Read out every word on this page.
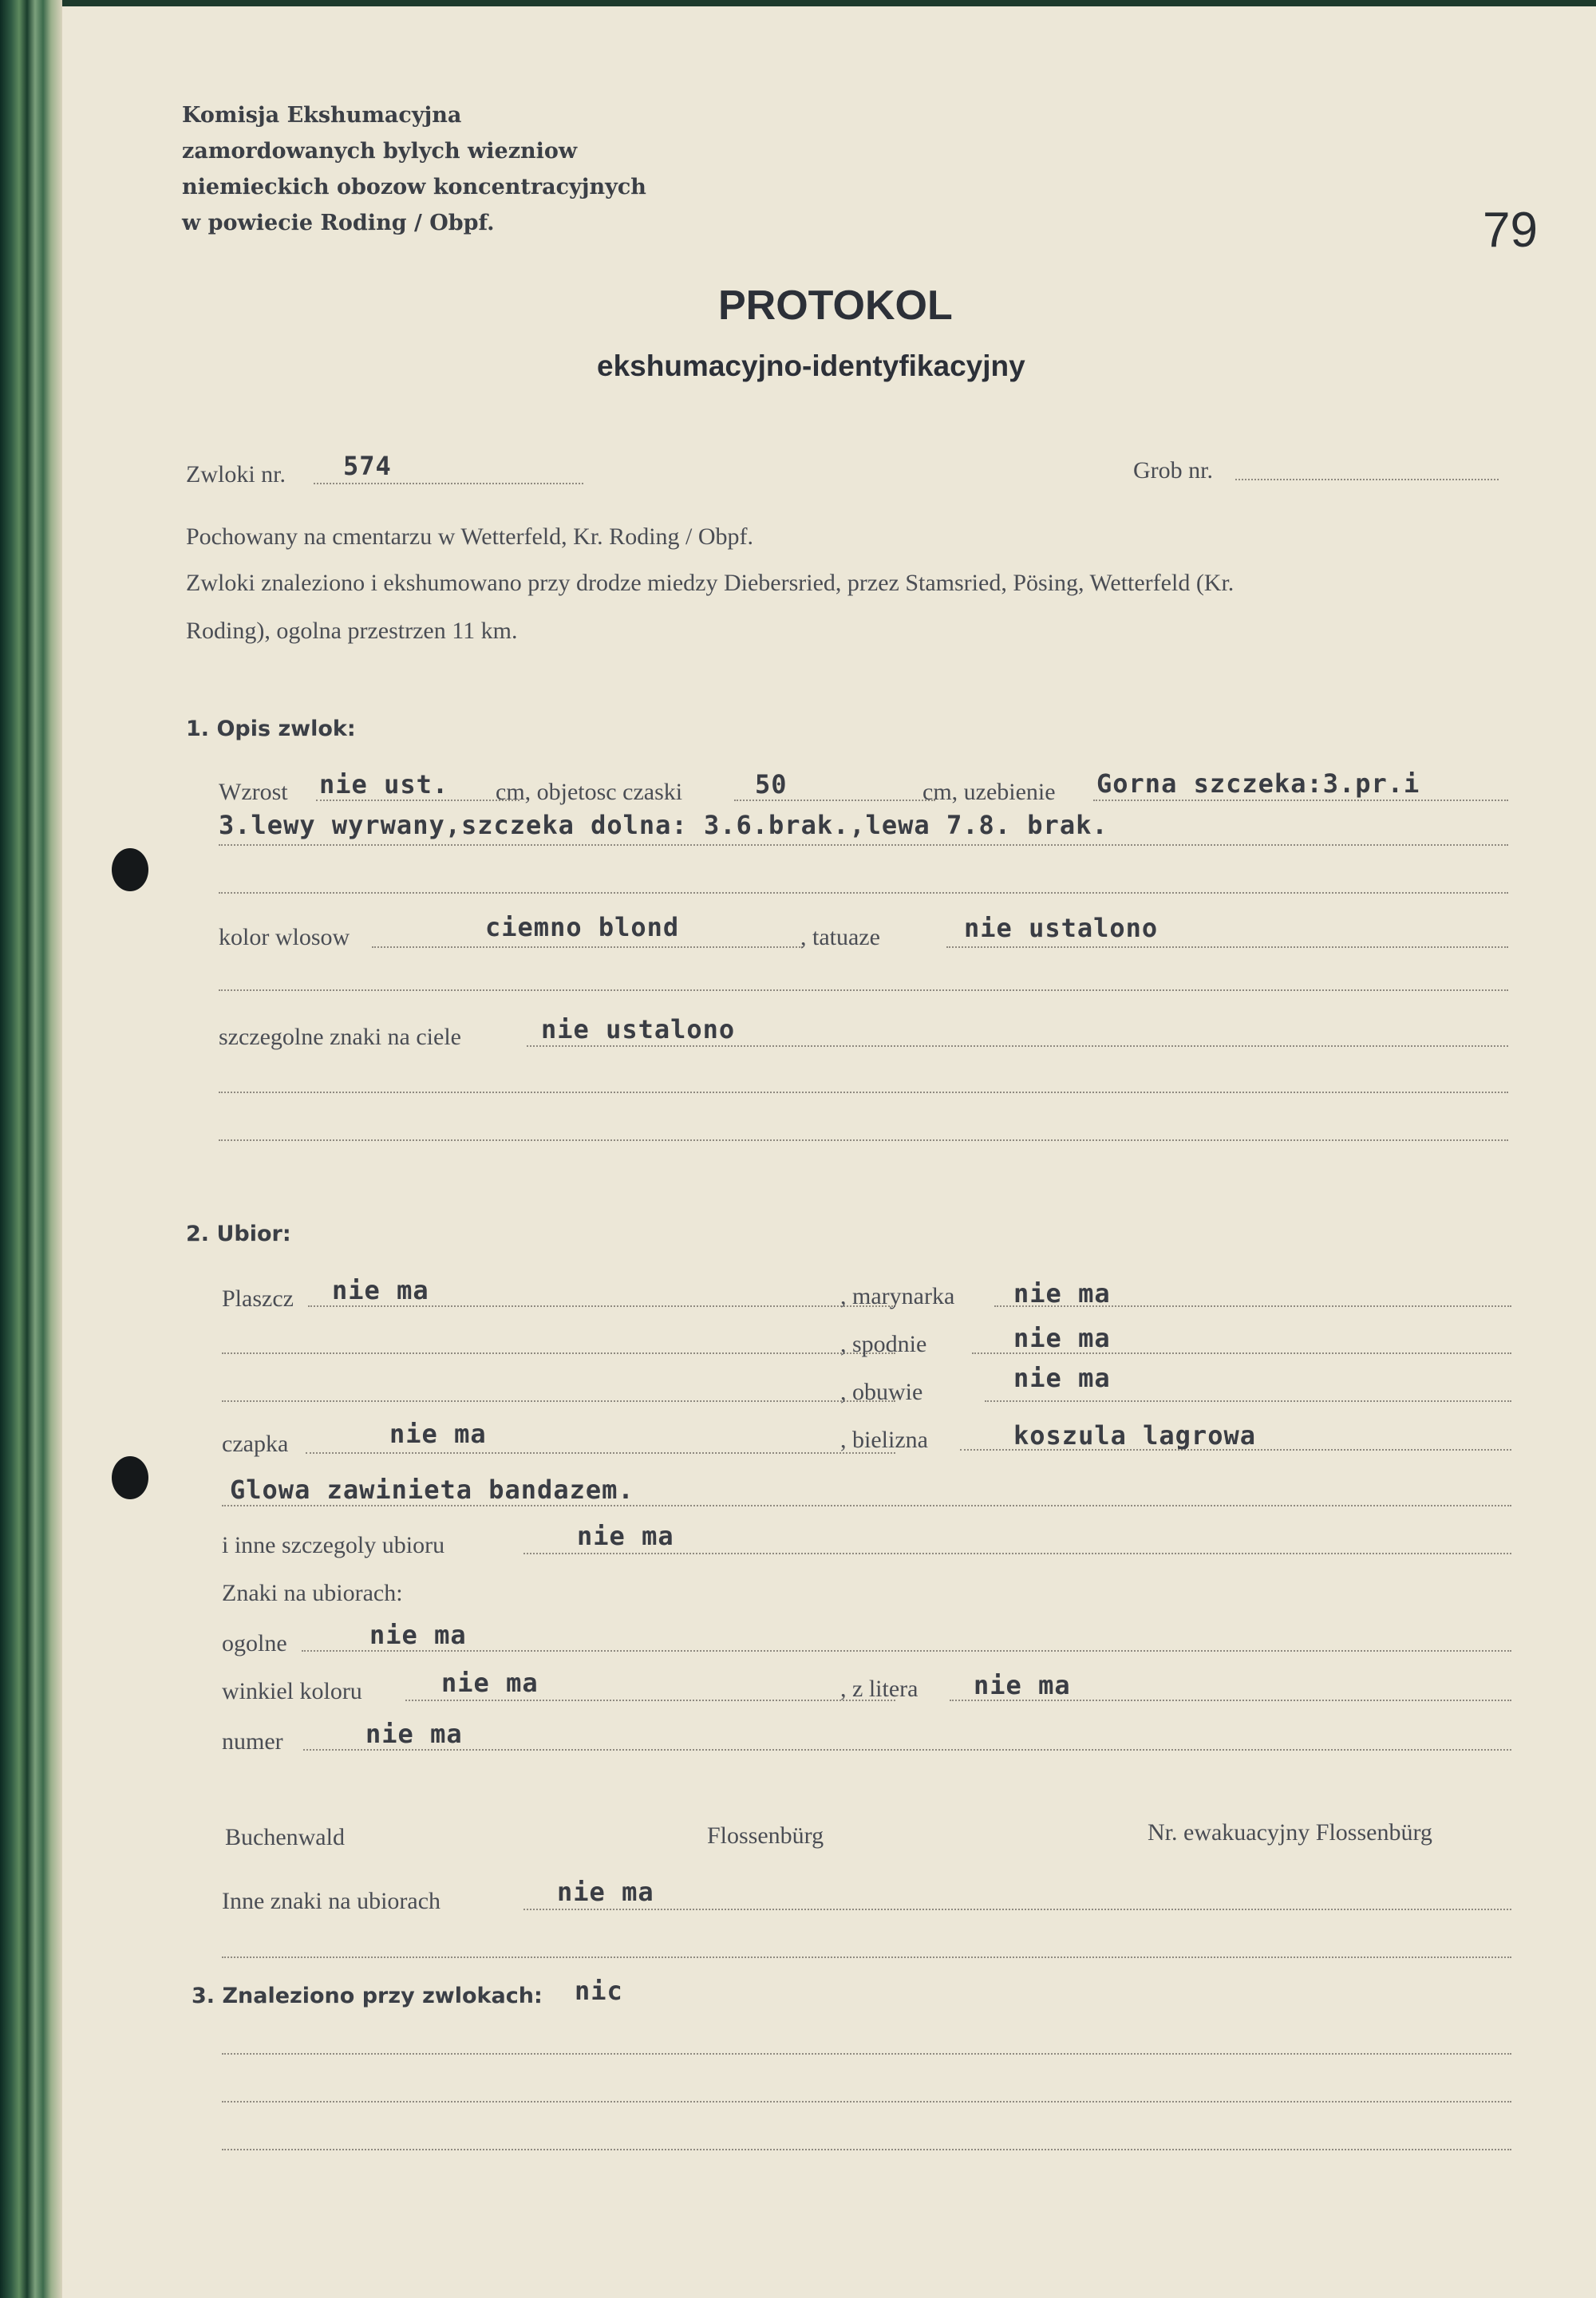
Komisja Ekshumacyjna
zamordowanych bylych wiezniow
niemieckich obozow koncentracyjnych
w powiecie Roding / Obpf.	79
PROTOKOL
ekshumacyjno-identyfikacyjny
Zwloki nr. 574	Grob nr.
Pochowany na cmentarzu w Wetterfeld, Kr. Roding / Obpf.
Zwloki znaleziono i ekshumowano przy drodze miedzy Diebersried, przez Stamsried, Pösing, Wetterfeld (Kr.
Roding), ogolna przestrzen 11 km.
1. Opis zwlok:
Wzrost nie ust. cm, objetosc czaski	50	cm, uzebienie Gorna szczeka:3.pr.i
3.lewy wyrwany,szczeka dolna: 3.6.brak.,lewa 7.8. brak.
kolor wlosow	ciemno blond	, tatuaze	nie ustalono
szczegolne znaki na ciele	nie ustalono
2. Ubior:
Plaszcz nie ma	, marynarka nie ma
, spodnie	nie ma
, obuwie	nie ma
czapka	nie ma	, bielizna	koszula lagrowa
Glowa zawinieta bandazem.
i inne szczegoly ubioru	nie ma
Znaki na ubiorach:
ogolne	nie ma
winkiel koloru	nie ma	, z litera nie ma
numer	nie ma
Buchenwald	Flossenbürg	Nr. ewakuacyjny Flossenbürg
Inne znaki na ubiorach	nie ma
3. Znaleziono przy zwlokach: nic
